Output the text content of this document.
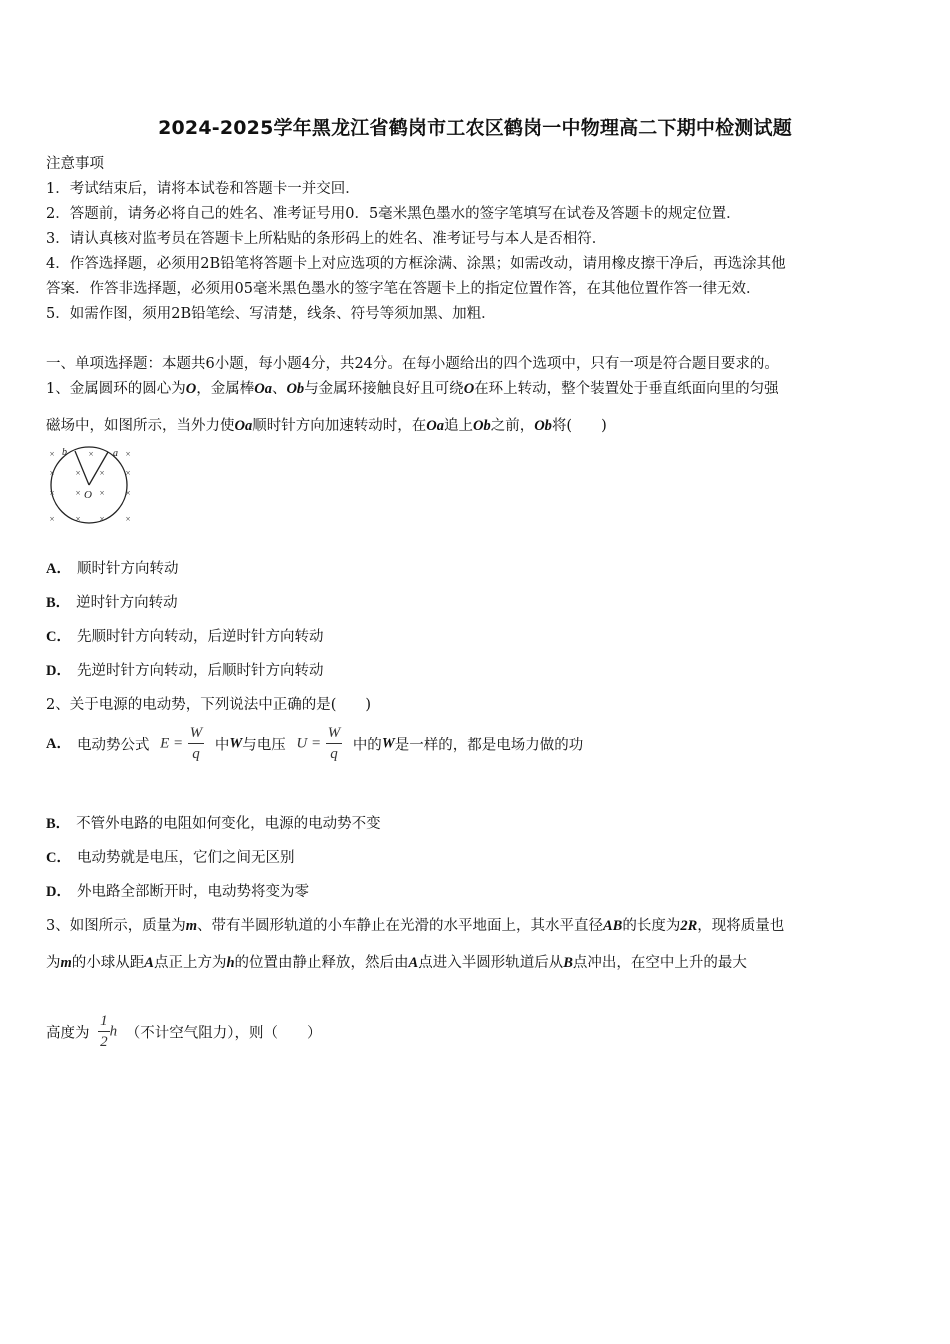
2024-2025学年黑龙江省鹤岗市工农区鹤岗一中物理高二下期中检测试题
注意事项
1．考试结束后，请将本试卷和答题卡一并交回．
2．答题前，请务必将自己的姓名、准考证号用0．5毫米黑色墨水的签字笔填写在试卷及答题卡的规定位置．
3．请认真核对监考员在答题卡上所粘贴的条形码上的姓名、准考证号与本人是否相符．
4．作答选择题，必须用2B铅笔将答题卡上对应选项的方框涂满、涂黑；如需改动，请用橡皮擦干净后，再选涂其他
答案．作答非选择题，必须用05毫米黑色墨水的签字笔在答题卡上的指定位置作答，在其他位置作答一律无效．
5．如需作图，须用2B铅笔绘、写清楚，线条、符号等须加黑、加粗．
一、单项选择题：本题共6小题，每小题4分，共24分。在每小题给出的四个选项中，只有一项是符合题目要求的。
1、金属圆环的圆心为O，金属棒Oa、Ob与金属环接触良好且可绕O在环上转动，整个装置处于垂直纸面向里的匀强
磁场中，如图所示，当外力使Oa顺时针方向加速转动时，在Oa追上Ob之前，Ob将(　　)
×	×	×
× × × ×
× × × ×
× × × ×
b	a
O
A． 顺时针方向转动
B． 逆时针方向转动
C． 先顺时针方向转动，后逆时针方向转动
D． 先逆时针方向转动，后顺时针方向转动
2、关于电源的电动势，下列说法中正确的是(　　)
A． 电动势公式 $E = \frac{W}{q}$ 中W与电压 $U = \frac{W}{q}$ 中的W是一样的，都是电场力做的功
B． 不管外电路的电阻如何变化，电源的电动势不变
C． 电动势就是电压，它们之间无区别
D． 外电路全部断开时，电动势将变为零
3、如图所示，质量为m、带有半圆形轨道的小车静止在光滑的水平地面上，其水平直径AB的长度为2R，现将质量也
为m的小球从距A点正上方为h的位置由静止释放，然后由A点进入半圆形轨道后从B点冲出，在空中上升的最大
高度为 $\frac{1}{2}$ h （不计空气阻力），则（　　）
